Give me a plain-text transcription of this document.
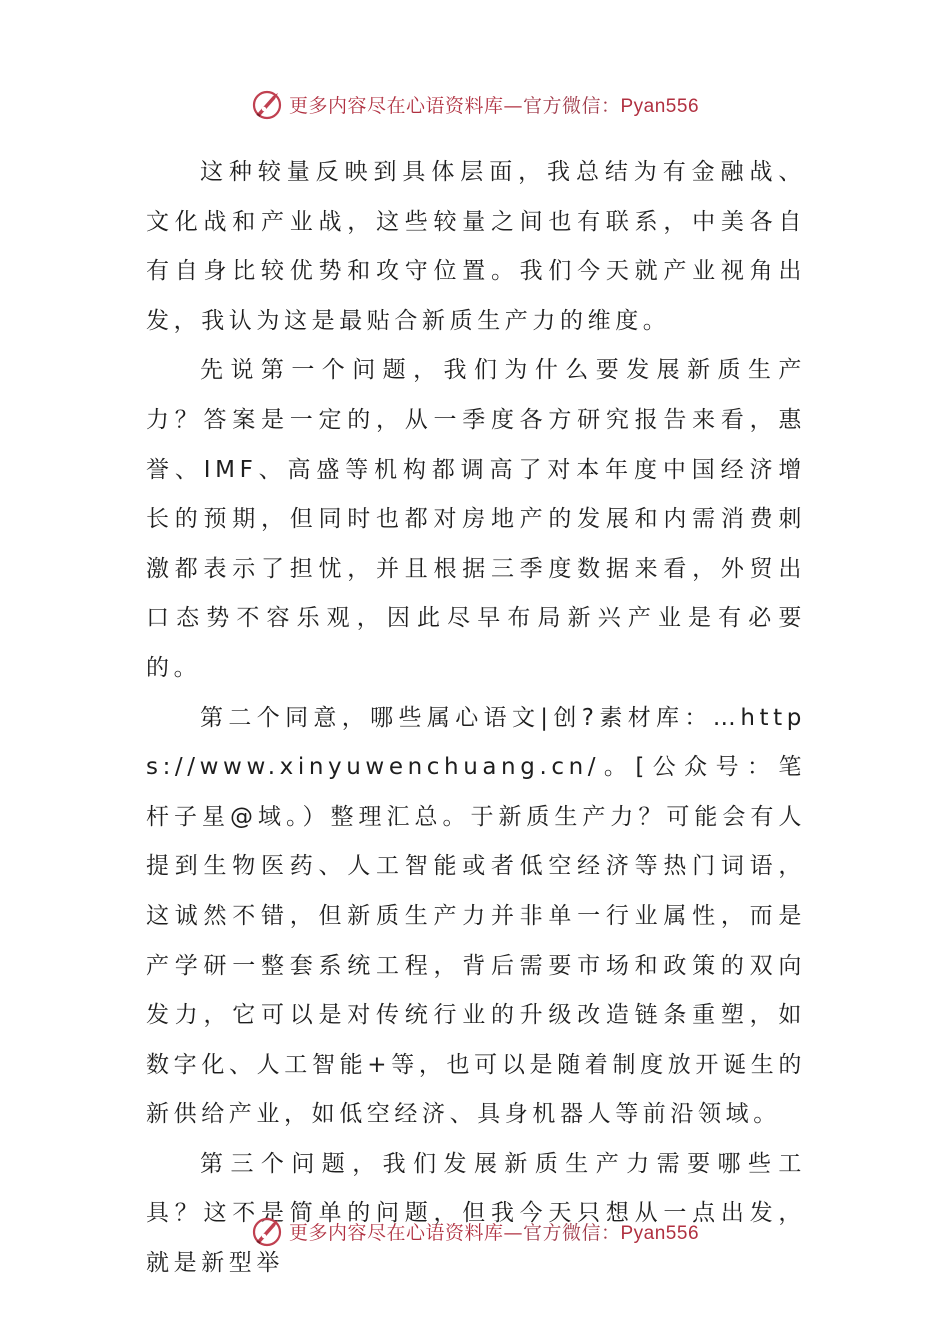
更多内容尽在心语资料库—官方微信：Pyan556

这种较量反映到具体层面，我总结为有金融战、文化战和产业战，这些较量之间也有联系，中美各自有自身比较优势和攻守位置。我们今天就产业视角出发，我认为这是最贴合新质生产力的维度。

先说第一个问题，我们为什么要发展新质生产力？答案是一定的，从一季度各方研究报告来看，惠誉、IMF、高盛等机构都调高了对本年度中国经济增长的预期，但同时也都对房地产的发展和内需消费刺激都表示了担忧，并且根据三季度数据来看，外贸出口态势不容乐观，因此尽早布局新兴产业是有必要的。

第二个同意，哪些属心语文|创?素材库：…https://www.xinyuwenchuang.cn/。[公众号：笔杆子星@域。）整理汇总。于新质生产力？可能会有人提到生物医药、人工智能或者低空经济等热门词语，这诚然不错，但新质生产力并非单一行业属性，而是产学研一整套系统工程，背后需要市场和政策的双向发力，它可以是对传统行业的升级改造链条重塑，如数字化、人工智能+等，也可以是随着制度放开诞生的新供给产业，如低空经济、具身机器人等前沿领域。

第三个问题，我们发展新质生产力需要哪些工具？这不是简单的问题，但我今天只想从一点出发，就是新型举

更多内容尽在心语资料库—官方微信：Pyan556
